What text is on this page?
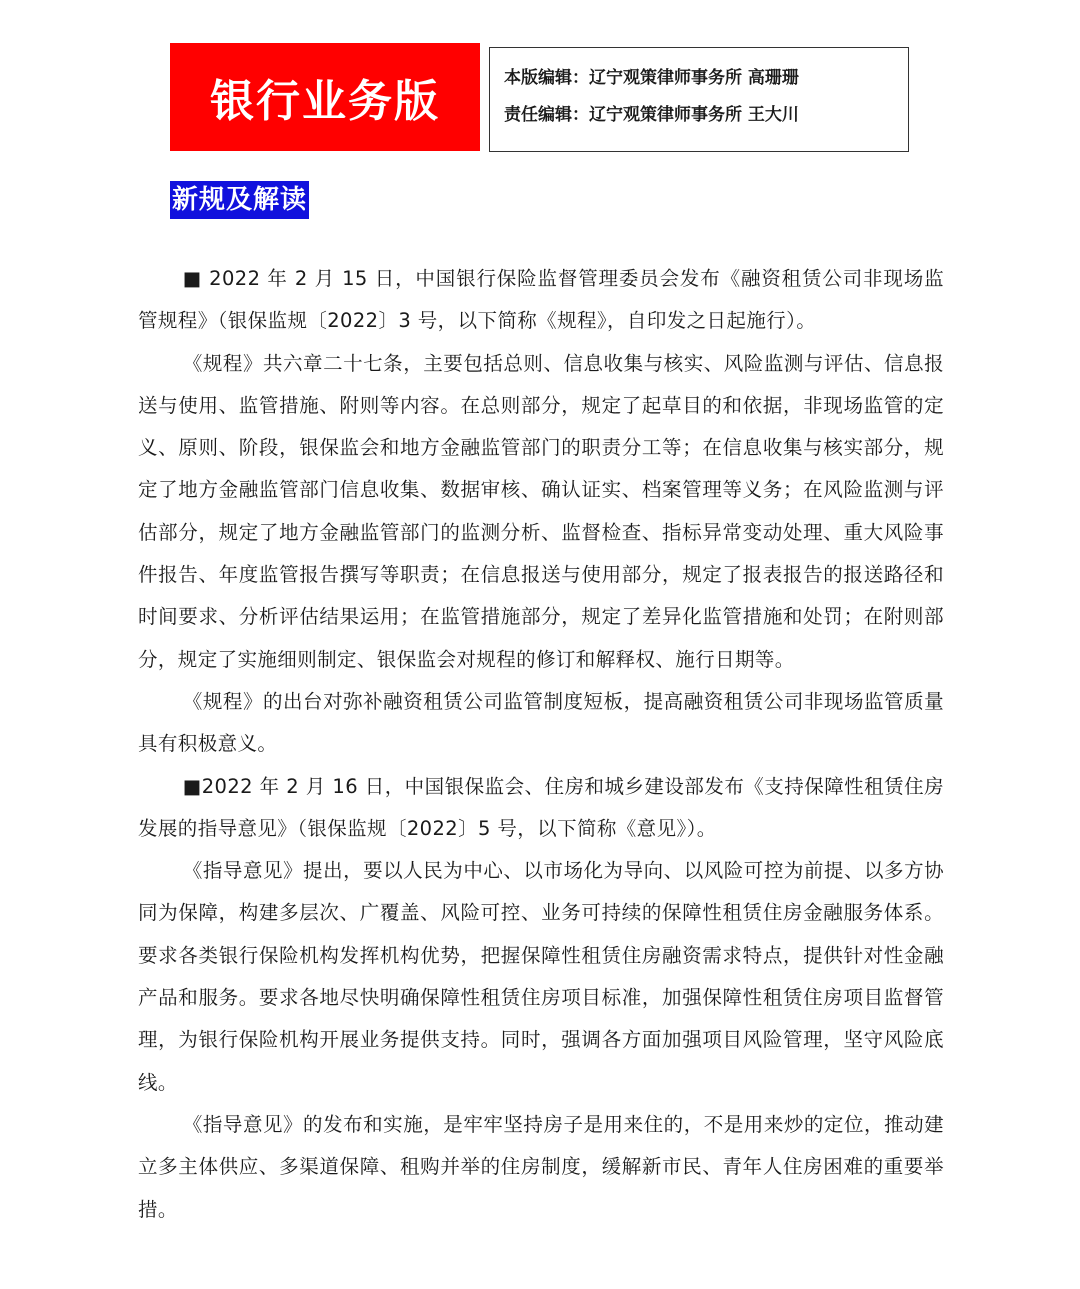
银行业务版	本版编辑：辽宁观策律师事务所 高珊珊
责任编辑：辽宁观策律师事务所 王大川
新规及解读

■ 2022 年 2 月 15 日，中国银行保险监督管理委员会发布《融资租赁公司非现场监管规程》（银保监规〔2022〕3 号，以下简称《规程》，自印发之日起施行）。

《规程》共六章二十七条，主要包括总则、信息收集与核实、风险监测与评估、信息报送与使用、监管措施、附则等内容。在总则部分，规定了起草目的和依据，非现场监管的定义、原则、阶段，银保监会和地方金融监管部门的职责分工等；在信息收集与核实部分，规定了地方金融监管部门信息收集、数据审核、确认证实、档案管理等义务；在风险监测与评估部分，规定了地方金融监管部门的监测分析、监督检查、指标异常变动处理、重大风险事件报告、年度监管报告撰写等职责；在信息报送与使用部分，规定了报表报告的报送路径和时间要求、分析评估结果运用；在监管措施部分，规定了差异化监管措施和处罚；在附则部分，规定了实施细则制定、银保监会对规程的修订和解释权、施行日期等。

《规程》的出台对弥补融资租赁公司监管制度短板，提高融资租赁公司非现场监管质量具有积极意义。

■2022 年 2 月 16 日，中国银保监会、住房和城乡建设部发布《支持保障性租赁住房发展的指导意见》（银保监规〔2022〕5 号，以下简称《意见》）。

《指导意见》提出，要以人民为中心、以市场化为导向、以风险可控为前提、以多方协同为保障，构建多层次、广覆盖、风险可控、业务可持续的保障性租赁住房金融服务体系。要求各类银行保险机构发挥机构优势，把握保障性租赁住房融资需求特点，提供针对性金融产品和服务。要求各地尽快明确保障性租赁住房项目标准，加强保障性租赁住房项目监督管理，为银行保险机构开展业务提供支持。同时，强调各方面加强项目风险管理，坚守风险底线。

《指导意见》的发布和实施，是牢牢坚持房子是用来住的，不是用来炒的定位，推动建立多主体供应、多渠道保障、租购并举的住房制度，缓解新市民、青年人住房困难的重要举措。
